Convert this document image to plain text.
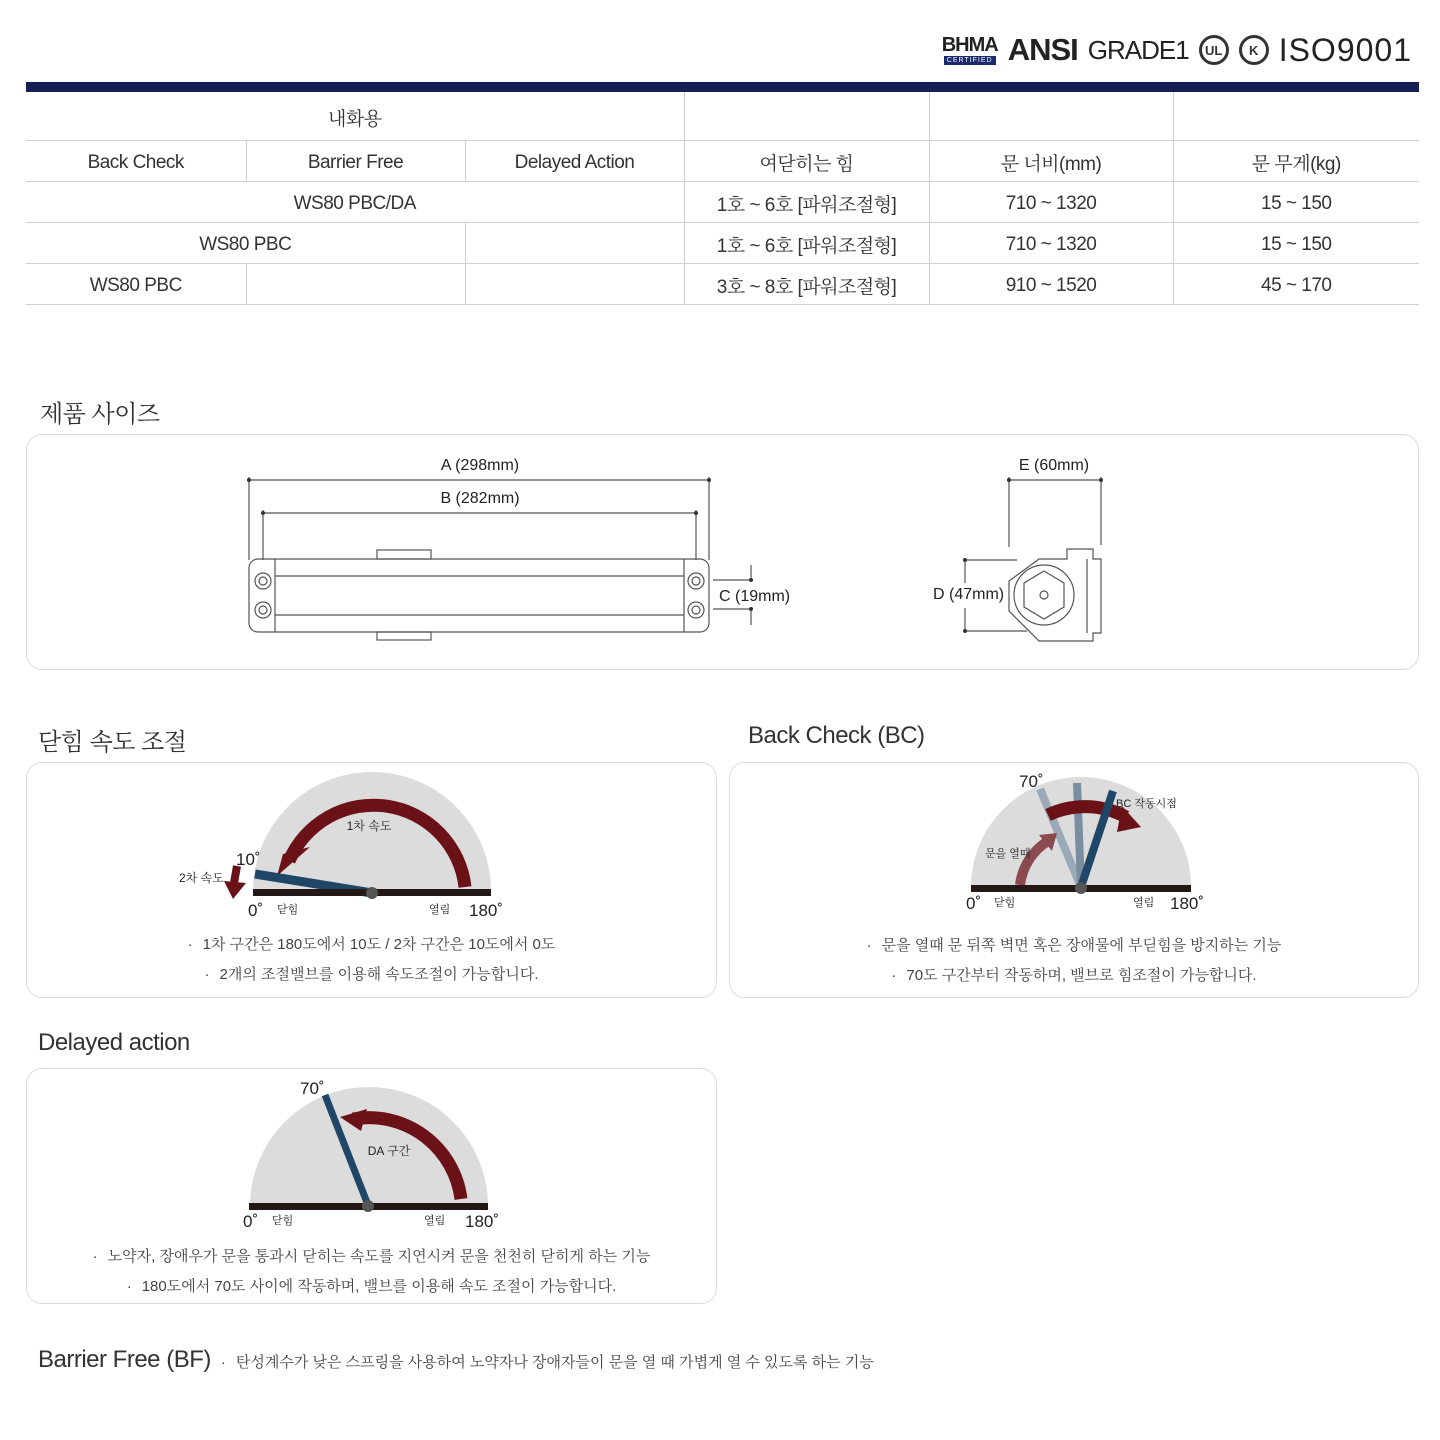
BHMA
CERTIFIED ANSI GRADE1	UL	K ISO9001
내화용					
Back Check	Barrier Free	Delayed Action	여닫히는 힘	문 너비(mm)	문 무게(kg)
WS80 PBC/DA			1호 ~ 6호 [파워조절형]	710 ~ 1320	15 ~ 150
WS80 PBC			1호 ~ 6호 [파워조절형]	710 ~ 1320	15 ~ 150
WS80 PBC			3호 ~ 8호 [파워조절형]	910 ~ 1520	45 ~ 170
제품 사이즈
A (298mm)
B (282mm)
C (19mm)	D (47mm)
E (60mm)
닫힘 속도 조절
1차 속도
2차 속도
10˚
0˚ 닫힘	열림 180˚
· 1차 구간은 180도에서 10도 / 2차 구간은 10도에서 0도
· 2개의 조절밸브를 이용해 속도조절이 가능합니다.
Back Check (BC)
70˚
BC 작동시점
문을 열때
0˚ 닫힘	열림 180˚
· 문을 열때 문 뒤쪽 벽면 혹은 장애물에 부딛힘을 방지하는 기능
· 70도 구간부터 작동하며, 밸브로 힘조절이 가능합니다.
Delayed action
70˚
DA 구간
0˚ 닫힘	열림 180˚
· 노약자, 장애우가 문을 통과시 닫히는 속도를 지연시켜 문을 천천히 닫히게 하는 기능
· 180도에서 70도 사이에 작동하며, 밸브를 이용해 속도 조절이 가능합니다.
Barrier Free (BF) · 탄성계수가 낮은 스프링을 사용하여 노약자나 장애자들이 문을 열 때 가볍게 열 수 있도록 하는 기능
